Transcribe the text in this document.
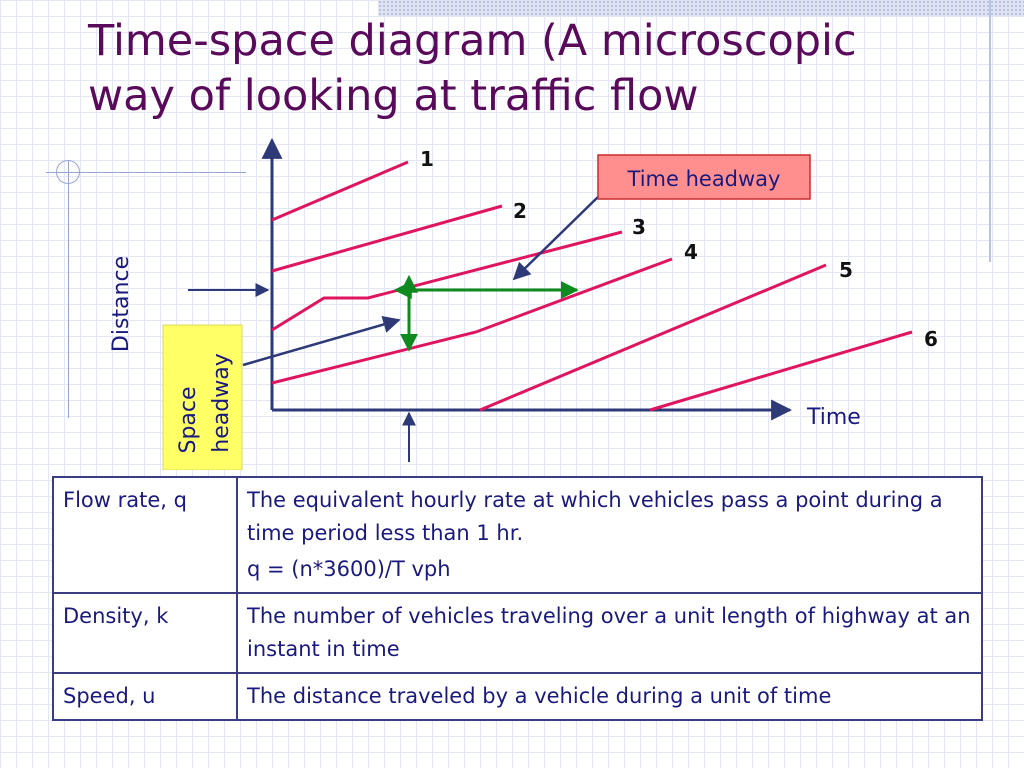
Time-space diagram (A microscopic way of looking at traffic flow
1
2
3
4
5
6
Time headway
Space headway
Distance
Time
Flow rate, q	The equivalent hourly rate at which vehicles pass a point during a time period less than 1 hr.

q = (n*3600)/T vph

Density, k	The number of vehicles traveling over a unit length of highway at an instant in time
Speed, u	The distance traveled by a vehicle during a unit of time
